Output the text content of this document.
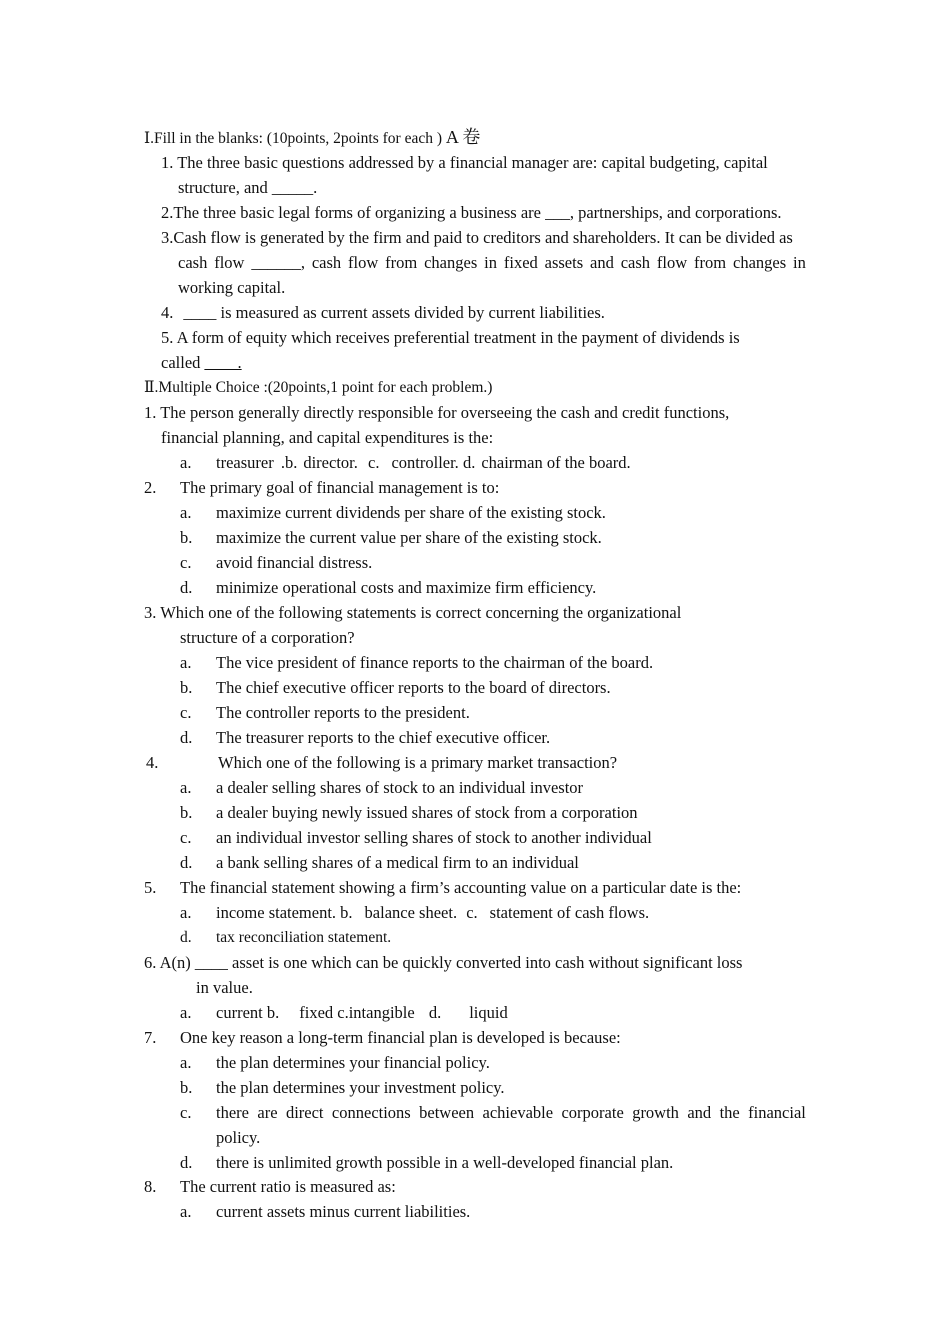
Ⅰ.Fill in the blanks: (10points, 2points for each ) A 卷
1. The three basic questions addressed by a financial manager are: capital budgeting, capital
structure, and _____.
2.The three basic legal forms of organizing a business are ___, partnerships, and corporations.
3.Cash flow is generated by the firm and paid to creditors and shareholders. It can be divided as
cash flow ______, cash flow from changes in fixed assets and cash flow from changes in
working capital.
4. ____ is measured as current assets divided by current liabilities.
5. A form of equity which receives preferential treatment in the payment of dividends is
called ____.
Ⅱ.Multiple Choice :(20points,1 point for each problem.)
1. The person generally directly responsible for overseeing the cash and credit functions,
financial planning, and capital expenditures is the:
a. treasurer .b. director. c. controller. d. chairman of the board.
2. The primary goal of financial management is to:
a. maximize current dividends per share of the existing stock.
b. maximize the current value per share of the existing stock.
c. avoid financial distress.
d. minimize operational costs and maximize firm efficiency.
3. Which one of the following statements is correct concerning the organizational
structure of a corporation?
a. The vice president of finance reports to the chairman of the board.
b. The chief executive officer reports to the board of directors.
c. The controller reports to the president.
d. The treasurer reports to the chief executive officer.
4.	Which one of the following is a primary market transaction?
a. a dealer selling shares of stock to an individual investor
b. a dealer buying newly issued shares of stock from a corporation
c. an individual investor selling shares of stock to another individual
d. a bank selling shares of a medical firm to an individual
5. The financial statement showing a firm’s accounting value on a particular date is the:
a. income statement. b. balance sheet. c. statement of cash flows.
d. tax reconciliation statement.
6. A(n) ____ asset is one which can be quickly converted into cash without significant loss
in value.
a. current b. fixed c.intangible d. liquid
7. One key reason a long-term financial plan is developed is because:
a. the plan determines your financial policy.
b. the plan determines your investment policy.
c.	there are direct connections between achievable corporate growth and the financial
policy.
d. there is unlimited growth possible in a well-developed financial plan.
8. The current ratio is measured as:
a. current assets minus current liabilities.
